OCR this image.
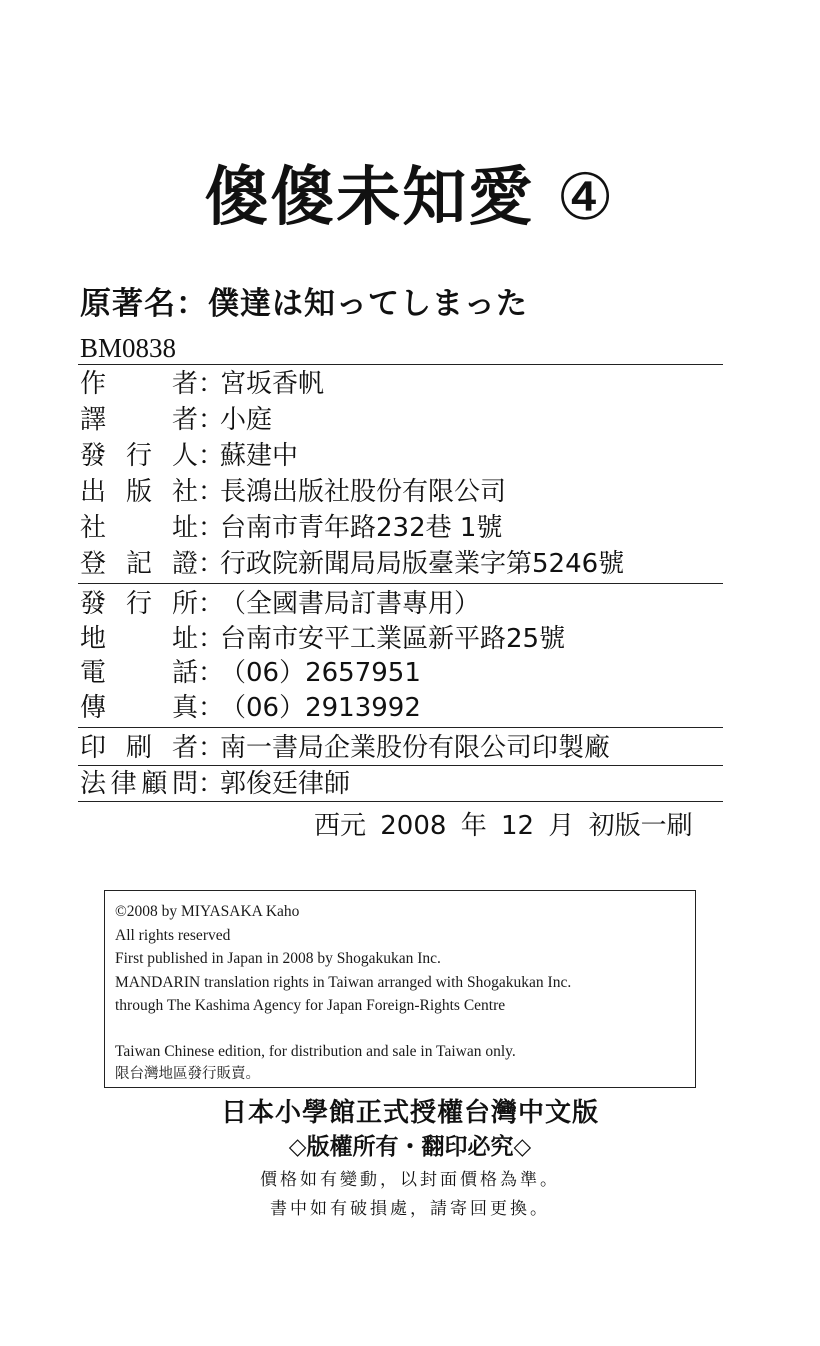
傻傻未知愛 ④
原著名：僕達は知ってしまった
BM0838
作者：宮坂香帆
譯者：小庭
發行人：蘇建中
出版社：長鴻出版社股份有限公司
社址：台南市青年路232巷 1號
登記證：行政院新聞局局版臺業字第5246號
發行所：（全國書局訂書專用）
地址：台南市安平工業區新平路25號
電話：（06）2657951
傳真：（06）2913992
印刷者：南一書局企業股份有限公司印製廠
法律顧問：郭俊廷律師
西元 2008 年 12 月 初版一刷
©2008 by MIYASAKA Kaho
All rights reserved
First published in Japan in 2008 by Shogakukan Inc.
MANDARIN translation rights in Taiwan arranged with Shogakukan Inc.
through The Kashima Agency for Japan Foreign-Rights Centre
Taiwan Chinese edition, for distribution and sale in Taiwan only.
限台灣地區發行販賣。
日本小學館正式授權台灣中文版
◇版權所有・翻印必究◇
價格如有變動，以封面價格為準。
書中如有破損處，請寄回更換。
